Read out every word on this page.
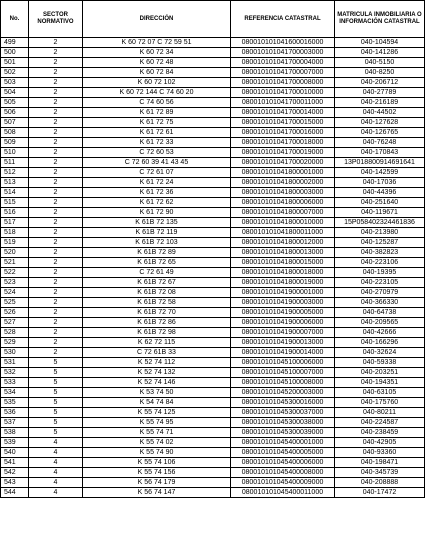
No.	SECTOR NORMATIVO	DIRECCIÓN	REFERENCIA CATASTRAL	MATRICULA INMOBILIARIA O INFORMACIÓN CATASTRAL
499	2	K 60 72 07 C 72 59 51	080010101041600016000	040-104594
500	2	K 60 72 34	080010101041700003000	040-141286
501	2	K 60 72 48	080010101041700004000	040-5150
502	2	K 60 72 84	080010101041700007000	040-8250
503	2	K 60 72 102	080010101041700008000	040-206712
504	2	K 60 72 144 C 74 60 20	080010101041700010000	040-27789
505	2	C 74 60 56	080010101041700011000	040-216189
506	2	K 61 72 89	080010101041700014000	040-44502
507	2	K 61 72 75	080010101041700015000	040-127628
508	2	K 61 72 61	080010101041700016000	040-126765
509	2	K 61 72 33	080010101041700018000	040-76248
510	2	C 72 60 53	080010101041700019000	040-170843
511	2	C 72 60 39 41 43 45	080010101041700020000	13P018800914691641
512	2	C 72 61 07	080010101041800001000	040-142599
513	2	K 61 72 24	080010101041800002000	040-17036
514	2	K 61 72 36	080010101041800003000	040-44396
515	2	K 61 72 62	080010101041800006000	040-251640
516	2	K 61 72 90	080010101041800007000	040-119671
517	2	K 61B 72 135	080010101041800010000	15P058402324461836
518	2	K 61B 72 119	080010101041800011000	040-213980
519	2	K 61B 72 103	080010101041800012000	040-125287
520	2	K 61B 72 89	080010101041800013000	040-382823
521	2	K 61B 72 65	080010101041800015000	040-223106
522	2	C 72 61 49	080010101041800018000	040-19395
523	2	K 61B 72 67	080010101041800019000	040-223105
524	2	K 61B 72 08	080010101041900001000	040-270979
525	2	K 61B 72 58	080010101041900003000	040-366330
526	2	K 61B 72 70	080010101041900005000	040-64738
527	2	K 61B 72 86	080010101041900006000	040-209565
528	2	K 61B 72 98	080010101041900007000	040-42666
529	2	K 62 72 115	080010101041900013000	040-166296
530	2	C 72 61B 33	080010101041900014000	040-32624
531	5	K 52 74 112	080010101045100006000	040-59338
532	5	K 52 74 132	080010101045100007000	040-203251
533	5	K 52 74 146	080010101045100008000	040-194351
534	5	K 53 74 50	080010101045200003000	040-63105
535	5	K 54 74 84	080010101045300016000	040-175760
536	5	K 55 74 125	080010101045300037000	040-80211
537	5	K 55 74 95	080010101045300038000	040-224587
538	5	K 55 74 71	080010101045300039000	040-238459
539	4	K 55 74 02	080010101045400001000	040-42905
540	4	K 55 74 90	080010101045400005000	040-93360
541	4	K 55 74 106	080010101045400006000	040-198471
542	4	K 55 74 156	080010101045400008000	040-345739
543	4	K 56 74 179	080010101045400009000	040-208888
544	4	K 56 74 147	080010101045400011000	040-17472
